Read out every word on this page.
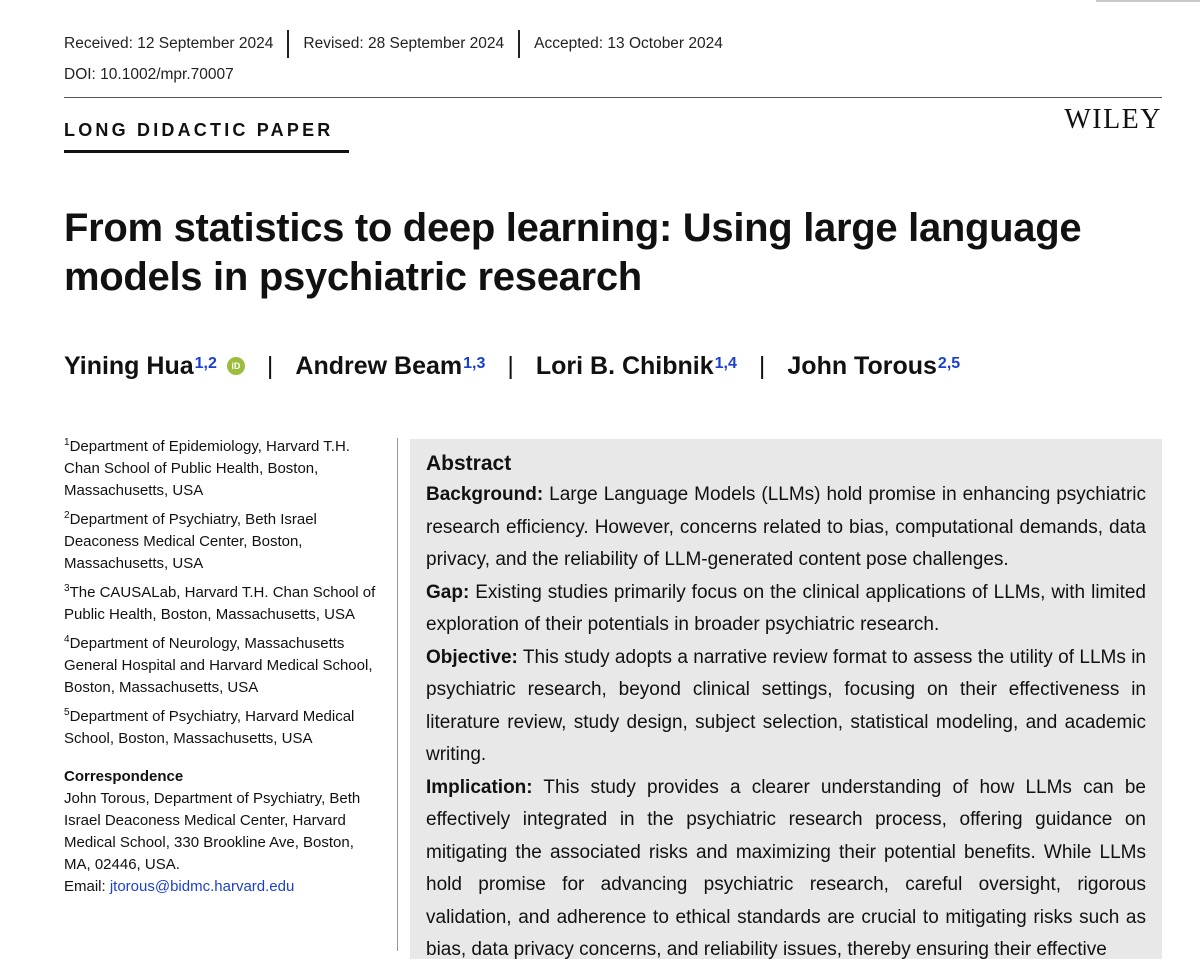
Received: 12 September 2024	Revised: 28 September 2024	Accepted: 13 October 2024
DOI: 10.1002/mpr.70007
LONG DIDACTIC PAPER	WILEY
From statistics to deep learning: Using large language models in psychiatric research
Yining Hua$^{1,2}$	iD | Andrew Beam$^{1,3}$ | Lori B. Chibnik$^{1,4}$ | John Torous$^{2,5}$

$^1$Department of Epidemiology, Harvard T.H. Chan School of Public Health, Boston, Massachusetts, USA

$^2$Department of Psychiatry, Beth Israel Deaconess Medical Center, Boston, Massachusetts, USA

$^3$The CAUSALab, Harvard T.H. Chan School of Public Health, Boston, Massachusetts, USA

$^4$Department of Neurology, Massachusetts General Hospital and Harvard Medical School, Boston, Massachusetts, USA

$^5$Department of Psychiatry, Harvard Medical School, Boston, Massachusetts, USA

Correspondence
John Torous, Department of Psychiatry, Beth Israel Deaconess Medical Center, Harvard Medical School, 330 Brookline Ave, Boston, MA, 02446, USA.
Email: jtorous@bidmc.harvard.edu
Abstract

Background: Large Language Models (LLMs) hold promise in enhancing psychiatric research efficiency. However, concerns related to bias, computational demands, data privacy, and the reliability of LLM-generated content pose challenges.

Gap: Existing studies primarily focus on the clinical applications of LLMs, with limited exploration of their potentials in broader psychiatric research.

Objective: This study adopts a narrative review format to assess the utility of LLMs in psychiatric research, beyond clinical settings, focusing on their effectiveness in literature review, study design, subject selection, statistical modeling, and academic writing.

Implication: This study provides a clearer understanding of how LLMs can be effectively integrated in the psychiatric research process, offering guidance on mitigating the associated risks and maximizing their potential benefits. While LLMs hold promise for advancing psychiatric research, careful oversight, rigorous validation, and adherence to ethical standards are crucial to mitigating risks such as bias, data privacy concerns, and reliability issues, thereby ensuring their effective
